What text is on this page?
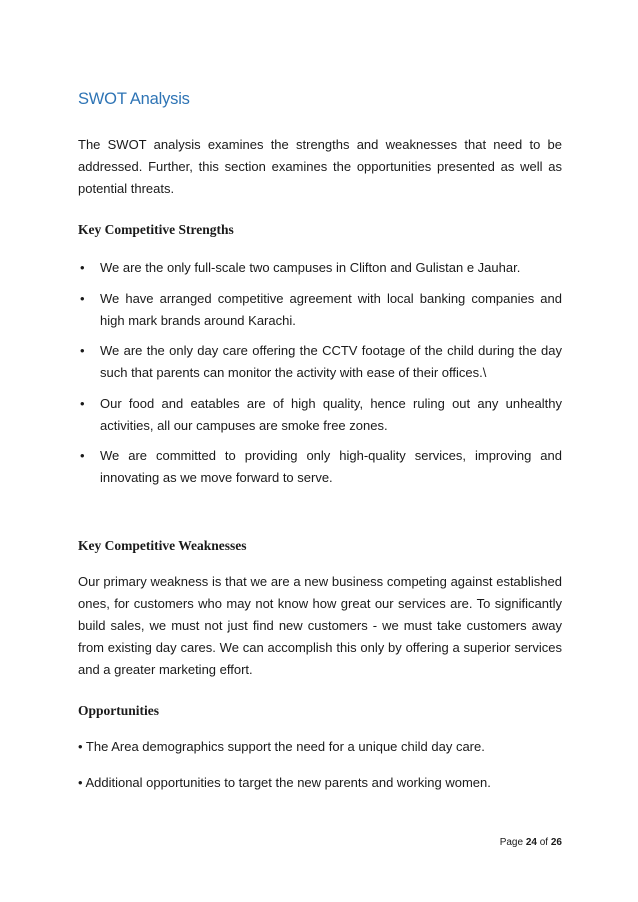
SWOT Analysis

The SWOT analysis examines the strengths and weaknesses that need to be addressed. Further, this section examines the opportunities presented as well as potential threats.

Key Competitive Strengths
• We are the only full-scale two campuses in Clifton and Gulistan e Jauhar.

• We have arranged competitive agreement with local banking companies and high mark brands around Karachi.

• We are the only day care offering the CCTV footage of the child during the day such that parents can monitor the activity with ease of their offices.\

• Our food and eatables are of high quality, hence ruling out any unhealthy activities, all our campuses are smoke free zones.

• We are committed to providing only high-quality services, improving and innovating as we move forward to serve.

Key Competitive Weaknesses

Our primary weakness is that we are a new business competing against established ones, for customers who may not know how great our services are. To significantly build sales, we must not just find new customers - we must take customers away from existing day cares. We can accomplish this only by offering a superior services and a greater marketing effort.

Opportunities

• The Area demographics support the need for a unique child day care.

• Additional opportunities to target the new parents and working women.

Page 24 of 26
